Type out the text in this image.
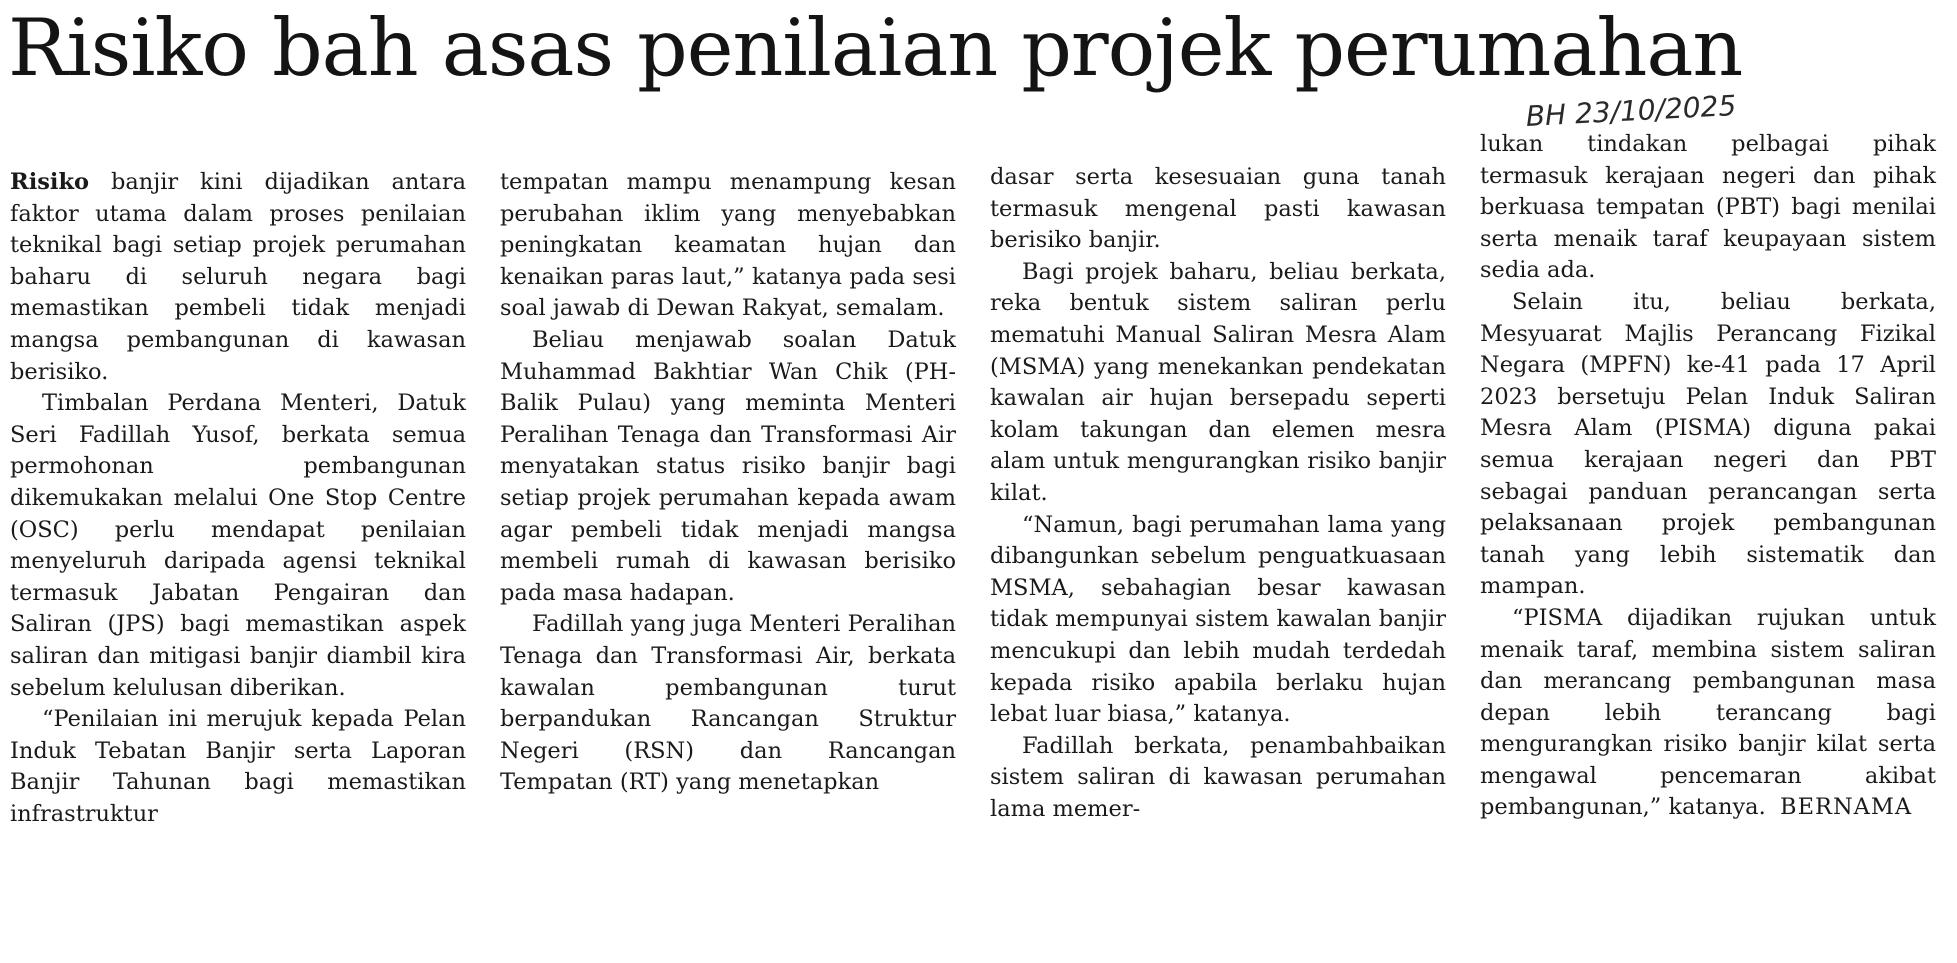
Risiko bah asas penilaian projek perumahan
BH 23/10/2025

Risiko banjir kini dijadikan antara faktor utama dalam proses penilaian teknikal bagi setiap projek perumahan baharu di seluruh negara bagi memastikan pembeli tidak menjadi mangsa pembangunan di kawasan berisiko.

Timbalan Perdana Menteri, Datuk Seri Fadillah Yusof, berkata semua permohonan pembangunan dikemukakan melalui One Stop Centre (OSC) perlu mendapat penilaian menyeluruh daripada agensi teknikal termasuk Jabatan Pengairan dan Saliran (JPS) bagi memastikan aspek saliran dan mitigasi banjir diambil kira sebelum kelulusan diberikan.

“Penilaian ini merujuk kepada Pelan Induk Tebatan Banjir serta Laporan Banjir Tahunan bagi memastikan infrastruktur

tempatan mampu menampung kesan perubahan iklim yang menyebabkan peningkatan keamatan hujan dan kenaikan paras laut,” katanya pada sesi soal jawab di Dewan Rakyat, semalam.

Beliau menjawab soalan Datuk Muhammad Bakhtiar Wan Chik (PH-Balik Pulau) yang meminta Menteri Peralihan Tenaga dan Transformasi Air menyatakan status risiko banjir bagi setiap projek perumahan kepada awam agar pembeli tidak menjadi mangsa membeli rumah di kawasan berisiko pada masa hadapan.

Fadillah yang juga Menteri Peralihan Tenaga dan Transformasi Air, berkata kawalan pembangunan turut berpandukan Rancangan Struktur Negeri (RSN) dan Rancangan Tempatan (RT) yang menetapkan

dasar serta kesesuaian guna tanah termasuk mengenal pasti kawasan berisiko banjir.

Bagi projek baharu, beliau berkata, reka bentuk sistem saliran perlu mematuhi Manual Saliran Mesra Alam (MSMA) yang menekankan pendekatan kawalan air hujan bersepadu seperti kolam takungan dan elemen mesra alam untuk mengurangkan risiko banjir kilat.

“Namun, bagi perumahan lama yang dibangunkan sebelum penguatkuasaan MSMA, sebahagian besar kawasan tidak mempunyai sistem kawalan banjir mencukupi dan lebih mudah terdedah kepada risiko apabila berlaku hujan lebat luar biasa,” katanya.

Fadillah berkata, penambahbaikan sistem saliran di kawasan perumahan lama memer-

lukan tindakan pelbagai pihak termasuk kerajaan negeri dan pihak berkuasa tempatan (PBT) bagi menilai serta menaik taraf keupayaan sistem sedia ada.

Selain itu, beliau berkata, Mesyuarat Majlis Perancang Fizikal Negara (MPFN) ke-41 pada 17 April 2023 bersetuju Pelan Induk Saliran Mesra Alam (PISMA) diguna pakai semua kerajaan negeri dan PBT sebagai panduan perancangan serta pelaksanaan projek pembangunan tanah yang lebih sistematik dan mampan.

“PISMA dijadikan rujukan untuk menaik taraf, membina sistem saliran dan merancang pembangunan masa depan lebih terancang bagi mengurangkan risiko banjir kilat serta mengawal pencemaran akibat pembangunan,” katanya. BERNAMA
